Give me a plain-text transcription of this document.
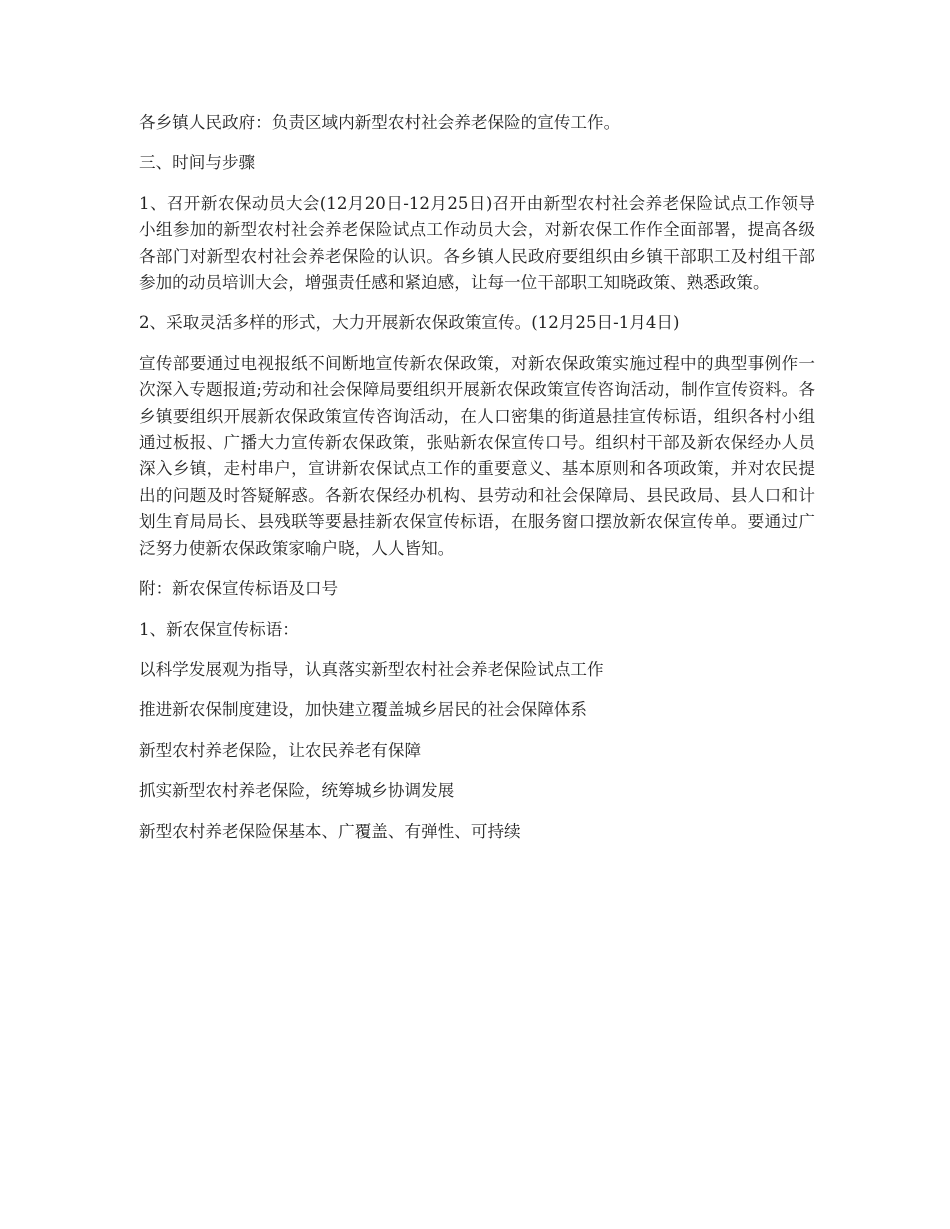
各乡镇人民政府：负责区域内新型农村社会养老保险的宣传工作。

三、时间与步骤

1、召开新农保动员大会(12月20日-12月25日)召开由新型农村社会养老保险试点工作领导小组参加的新型农村社会养老保险试点工作动员大会，对新农保工作作全面部署，提高各级各部门对新型农村社会养老保险的认识。各乡镇人民政府要组织由乡镇干部职工及村组干部参加的动员培训大会，增强责任感和紧迫感，让每一位干部职工知晓政策、熟悉政策。

2、采取灵活多样的形式，大力开展新农保政策宣传。(12月25日-1月4日)

宣传部要通过电视报纸不间断地宣传新农保政策，对新农保政策实施过程中的典型事例作一次深入专题报道;劳动和社会保障局要组织开展新农保政策宣传咨询活动，制作宣传资料。各乡镇要组织开展新农保政策宣传咨询活动，在人口密集的街道悬挂宣传标语，组织各村小组通过板报、广播大力宣传新农保政策，张贴新农保宣传口号。组织村干部及新农保经办人员深入乡镇，走村串户，宣讲新农保试点工作的重要意义、基本原则和各项政策，并对农民提出的问题及时答疑解惑。各新农保经办机构、县劳动和社会保障局、县民政局、县人口和计划生育局局长、县残联等要悬挂新农保宣传标语，在服务窗口摆放新农保宣传单。要通过广泛努力使新农保政策家喻户晓，人人皆知。

附：新农保宣传标语及口号

1、新农保宣传标语：

以科学发展观为指导，认真落实新型农村社会养老保险试点工作

推进新农保制度建设，加快建立覆盖城乡居民的社会保障体系

新型农村养老保险，让农民养老有保障

抓实新型农村养老保险，统筹城乡协调发展

新型农村养老保险保基本、广覆盖、有弹性、可持续
